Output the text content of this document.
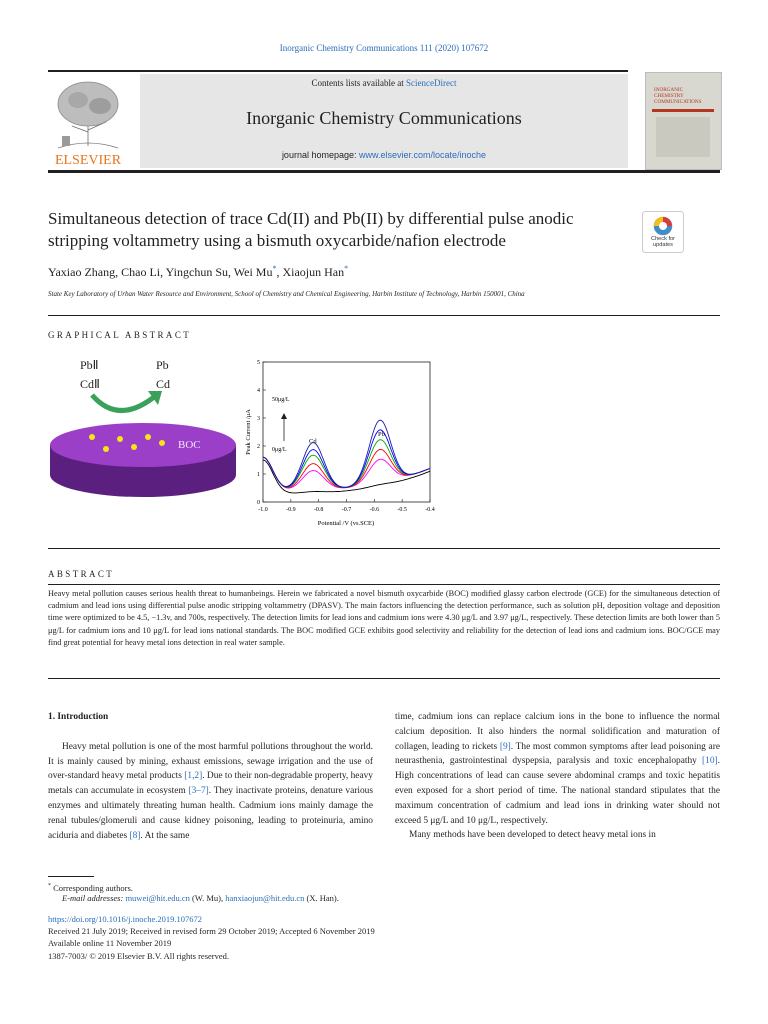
Inorganic Chemistry Communications 111 (2020) 107672
ELSEVIER
Contents lists available at ScienceDirect
Inorganic Chemistry Communications
journal homepage: www.elsevier.com/locate/inoche
INORGANIC
CHEMISTRY
COMMUNICATIONS
Simultaneous detection of trace Cd(II) and Pb(II) by differential pulse anodic
stripping voltammetry using a bismuth oxycarbide/nafion electrode	Check for updates
Yaxiao Zhang, Chao Li, Yingchun Su, Wei Mu*, Xiaojun Han*
State Key Laboratory of Urban Water Resource and Environment, School of Chemistry and Chemical Engineering, Harbin Institute of Technology, Harbin 150001, China
GRAPHICAL ABSTRACT
PbⅡ
CdⅡ
Pb
Cd
BOC
-1.0	-0.9	-0.8	-0.7	-0.6	-0.5	-0.4
0
1
2
3
4
5
50μg/L
0μg/L
Cd
Pb
Potential /V (vs.SCE)
Peak Current /μA
ABSTRACT
Heavy metal pollution causes serious health threat to humanbeings. Herein we fabricated a novel bismuth oxycarbide (BOC) modified glassy carbon electrode (GCE) for the simultaneous detection of cadmium and lead ions using differential pulse anodic stripping voltammetry (DPASV). The main factors influencing the detection performance, such as solution pH, deposition voltage and deposition time were optimized to be 4.5, −1.3v, and 700s, respectively. The detection limits for lead ions and cadmium ions were 4.30 μg/L and 3.97 μg/L, respectively. These detection limits are both lower than 5 μg/L for cadmium ions and 10 μg/L for lead ions national standards. The BOC modified GCE exhibits good selectivity and reliability for the detection of lead ions and cadmium ions. BOC/GCE may find great potential for heavy metal ions detection in real water sample.

1. Introduction

Heavy metal pollution is one of the most harmful pollutions throughout the world. It is mainly caused by mining, exhaust emissions, sewage irrigation and the use of over-standard heavy metal products [1,2]. Due to their non-degradable property, heavy metals can accumulate in ecosystem [3–7]. They inactivate proteins, denature various enzymes and ultimately threating human health. Cadmium ions mainly damage the renal tubules/glomeruli and cause kidney poisoning, leading to proteinuria, amino aciduria and diabetes [8]. At the same

time, cadmium ions can replace calcium ions in the bone to influence the normal calcium deposition. It also hinders the normal solidification and maturation of collagen, leading to rickets [9]. The most common symptoms after lead poisoning are neurasthenia, gastrointestinal dyspepsia, paralysis and toxic encephalopathy [10]. High concentrations of lead can cause severe abdominal cramps and toxic hepatitis even exposed for a short period of time. The national standard stipulates that the maximum concentration of cadmium and lead ions in drinking water should not exceed 5 μg/L and 10 μg/L, respectively.

Many methods have been developed to detect heavy metal ions in

* Corresponding authors.
E-mail addresses: muwei@hit.edu.cn (W. Mu), hanxiaojun@hit.edu.cn (X. Han).
https://doi.org/10.1016/j.inoche.2019.107672
Received 21 July 2019; Received in revised form 29 October 2019; Accepted 6 November 2019
Available online 11 November 2019
1387-7003/ © 2019 Elsevier B.V. All rights reserved.
